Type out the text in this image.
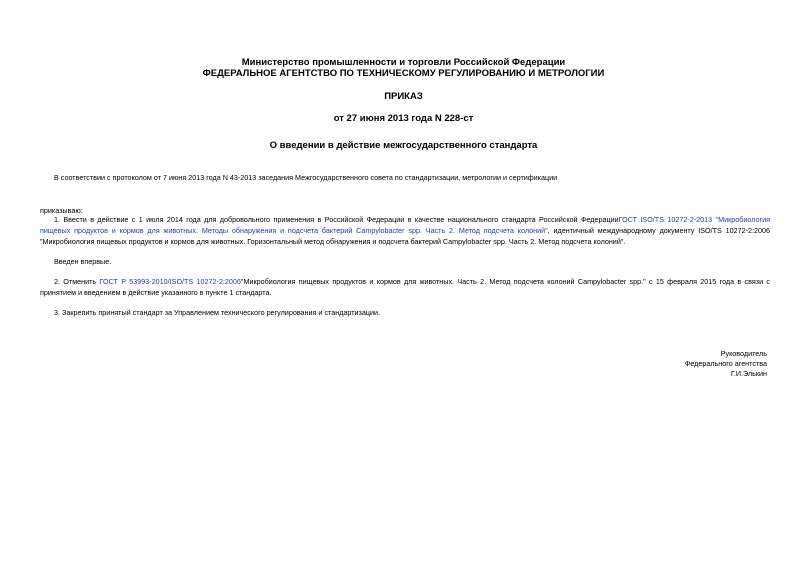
Министерство промышленности и торговли Российской Федерации
ФЕДЕРАЛЬНОЕ АГЕНТСТВО ПО ТЕХНИЧЕСКОМУ РЕГУЛИРОВАНИЮ И МЕТРОЛОГИИ
ПРИКАЗ
от 27 июня 2013 года N 228-ст
О введении в действие межгосударственного стандарта
В соответствии с протоколом от 7 июня 2013 года N 43-2013 заседания Межгосударственного совета по стандартизации, метрологии и сертификации
приказываю:
1. Ввести в действие с 1 июля 2014 года для добровольного применения в Российской Федерации в качестве национального стандарта Российской ФедерацииГОСТ ISO/TS 10272-2-2013 "Микробиология пищевых продуктов и кормов для животных. Методы обнаружения и подсчета бактерий Campylobacter spp. Часть 2. Метод подсчета колоний", идентичный международному документу ISO/TS 10272-2:2006 "Микробиология пищевых продуктов и кормов для животных. Горизонтальный метод обнаружения и подсчета бактерий Campylobacter spp. Часть 2. Метод подсчета колоний".
Введен впервые.
2. Отменить ГОСТ Р 53993-2010/ISO/TS 10272-2:2006"Микробиология пищевых продуктов и кормов для животных. Часть 2. Метод подсчета колоний Campylobacter spp." с 15 февраля 2015 года в связи с принятием и введением в действие указанного в пункте 1 стандарта.
3. Закрепить принятый стандарт за Управлением технического регулирования и стандартизации.
Руководитель
Федерального агентства
Г.И.Элькин
